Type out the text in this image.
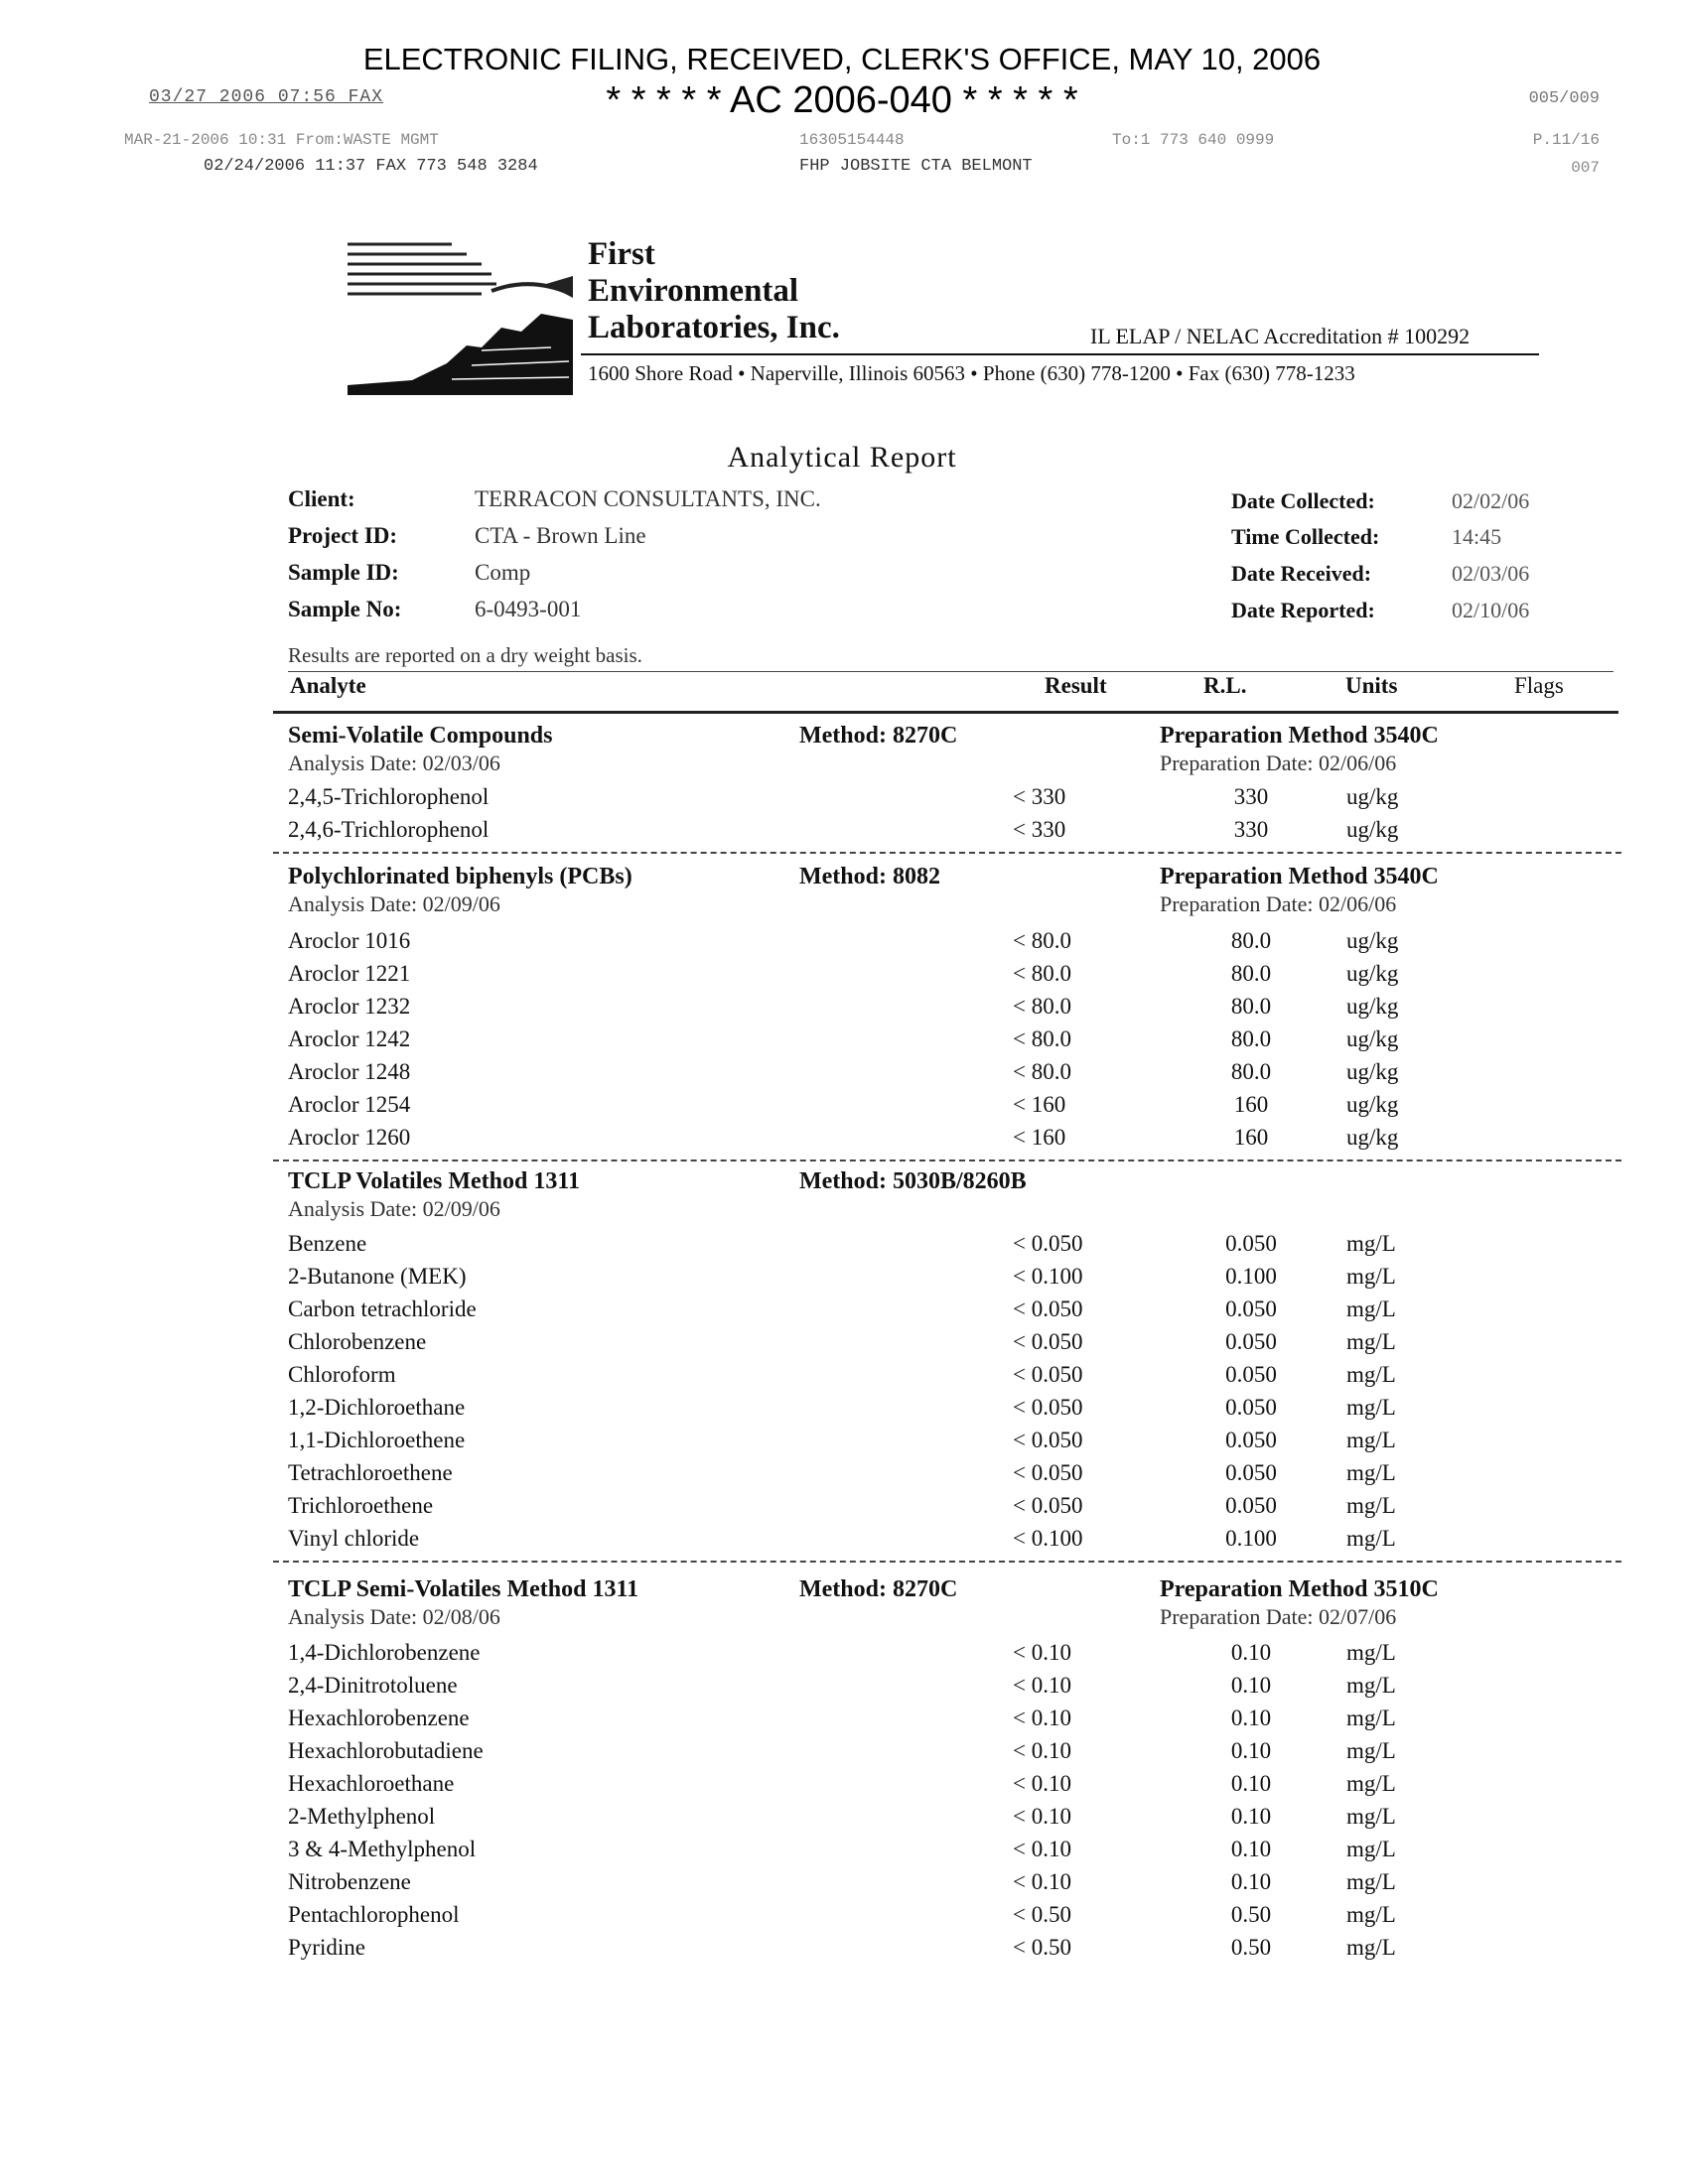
ELECTRONIC FILING, RECEIVED, CLERK'S OFFICE, MAY 10, 2006
03/27 2006 07:56 FAX	* * * * * AC 2006-040 * * * * *	005/009
MAR-21-2006 10:31 From:WASTE MGMT	16305154448	To:1 773 640 0999	P.11/16
02/24/2006 11:37 FAX 773 548 3284	FHP JOBSITE CTA BELMONT	007
First
Environmental
Laboratories, Inc.	IL ELAP / NELAC Accreditation # 100292
1600 Shore Road • Naperville, Illinois 60563 • Phone (630) 778-1200 • Fax (630) 778-1233
Analytical Report
Client:	TERRACON CONSULTANTS, INC.
Project ID:	CTA - Brown Line
Sample ID:	Comp
Sample No:	6-0493-001
Date Collected:	02/02/06
Time Collected:	14:45
Date Received:	02/03/06
Date Reported:	02/10/06
Results are reported on a dry weight basis.
Analyte	Result	R.L.	Units	Flags
Semi-Volatile Compounds	Method: 8270C	Preparation Method 3540C
Analysis Date: 02/03/06	Preparation Date: 02/06/06
2,4,5-Trichlorophenol	< 330	330	ug/kg
2,4,6-Trichlorophenol	< 330	330	ug/kg
Polychlorinated biphenyls (PCBs)	Method: 8082	Preparation Method 3540C
Analysis Date: 02/09/06	Preparation Date: 02/06/06
Aroclor 1016	< 80.0	80.0	ug/kg
Aroclor 1221	< 80.0	80.0	ug/kg
Aroclor 1232	< 80.0	80.0	ug/kg
Aroclor 1242	< 80.0	80.0	ug/kg
Aroclor 1248	< 80.0	80.0	ug/kg
Aroclor 1254	< 160	160	ug/kg
Aroclor 1260	< 160	160	ug/kg
TCLP Volatiles Method 1311	Method: 5030B/8260B
Analysis Date: 02/09/06
Benzene	< 0.050	0.050	mg/L
2-Butanone (MEK)	< 0.100	0.100	mg/L
Carbon tetrachloride	< 0.050	0.050	mg/L
Chlorobenzene	< 0.050	0.050	mg/L
Chloroform	< 0.050	0.050	mg/L
1,2-Dichloroethane	< 0.050	0.050	mg/L
1,1-Dichloroethene	< 0.050	0.050	mg/L
Tetrachloroethene	< 0.050	0.050	mg/L
Trichloroethene	< 0.050	0.050	mg/L
Vinyl chloride	< 0.100	0.100	mg/L
TCLP Semi-Volatiles Method 1311	Method: 8270C	Preparation Method 3510C
Analysis Date: 02/08/06	Preparation Date: 02/07/06
1,4-Dichlorobenzene	< 0.10	0.10	mg/L
2,4-Dinitrotoluene	< 0.10	0.10	mg/L
Hexachlorobenzene	< 0.10	0.10	mg/L
Hexachlorobutadiene	< 0.10	0.10	mg/L
Hexachloroethane	< 0.10	0.10	mg/L
2-Methylphenol	< 0.10	0.10	mg/L
3 & 4-Methylphenol	< 0.10	0.10	mg/L
Nitrobenzene	< 0.10	0.10	mg/L
Pentachlorophenol	< 0.50	0.50	mg/L
Pyridine	< 0.50	0.50	mg/L
